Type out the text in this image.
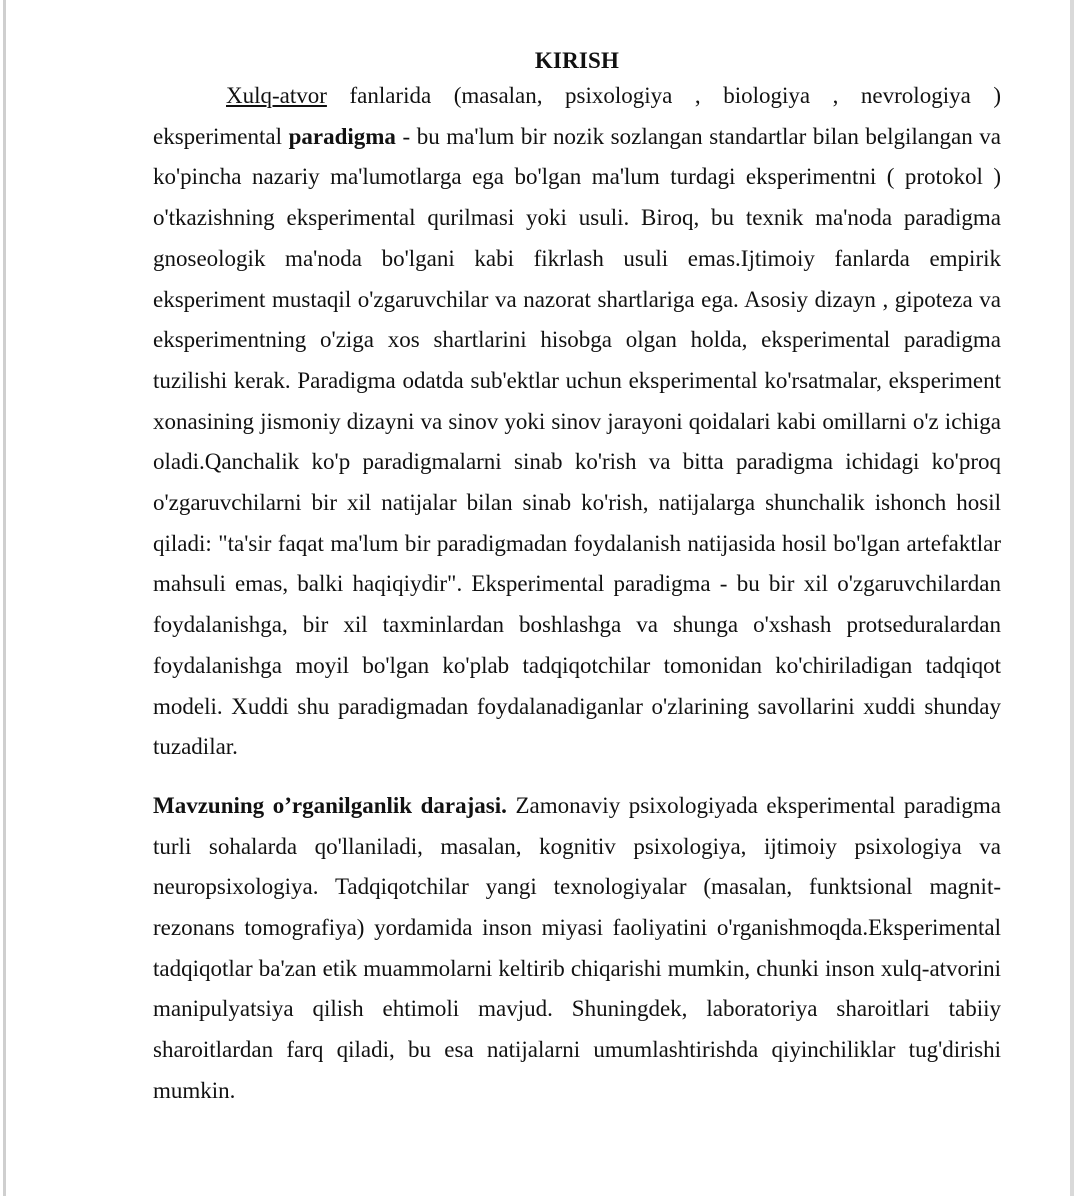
KIRISH

Xulq-atvor fanlarida (masalan, psixologiya , biologiya , nevrologiya ) eksperimental paradigma - bu ma'lum bir nozik sozlangan standartlar bilan belgilangan va ko'pincha nazariy ma'lumotlarga ega bo'lgan ma'lum turdagi eksperimentni ( protokol ) o'tkazishning eksperimental qurilmasi yoki usuli. Biroq, bu texnik ma'noda paradigma gnoseologik ma'noda bo'lgani kabi fikrlash usuli emas.Ijtimoiy fanlarda empirik eksperiment mustaqil o'zgaruvchilar va nazorat shartlariga ega. Asosiy dizayn , gipoteza va eksperimentning o'ziga xos shartlarini hisobga olgan holda, eksperimental paradigma tuzilishi kerak. Paradigma odatda sub'ektlar uchun eksperimental ko'rsatmalar, eksperiment xonasining jismoniy dizayni va sinov yoki sinov jarayoni qoidalari kabi omillarni o'z ichiga oladi.Qanchalik ko'p paradigmalarni sinab ko'rish va bitta paradigma ichidagi ko'proq o'zgaruvchilarni bir xil natijalar bilan sinab ko'rish, natijalarga shunchalik ishonch hosil qiladi: "ta'sir faqat ma'lum bir paradigmadan foydalanish natijasida hosil bo'lgan artefaktlar mahsuli emas, balki haqiqiydir". Eksperimental paradigma - bu bir xil o'zgaruvchilardan foydalanishga, bir xil taxminlardan boshlashga va shunga o'xshash protseduralardan foydalanishga moyil bo'lgan ko'plab tadqiqotchilar tomonidan ko'chiriladigan tadqiqot modeli. Xuddi shu paradigmadan foydalanadiganlar o'zlarining savollarini xuddi shunday tuzadilar.

Mavzuning o’rganilganlik darajasi. Zamonaviy psixologiyada eksperimental paradigma turli sohalarda qo'llaniladi, masalan, kognitiv psixologiya, ijtimoiy psixologiya va neuropsixologiya. Tadqiqotchilar yangi texnologiyalar (masalan, funktsional magnit-rezonans tomografiya) yordamida inson miyasi faoliyatini o'rganishmoqda.Eksperimental tadqiqotlar ba'zan etik muammolarni keltirib chiqarishi mumkin, chunki inson xulq-atvorini manipulyatsiya qilish ehtimoli mavjud. Shuningdek, laboratoriya sharoitlari tabiiy sharoitlardan farq qiladi, bu esa natijalarni umumlashtirishda qiyinchiliklar tug'dirishi mumkin.
